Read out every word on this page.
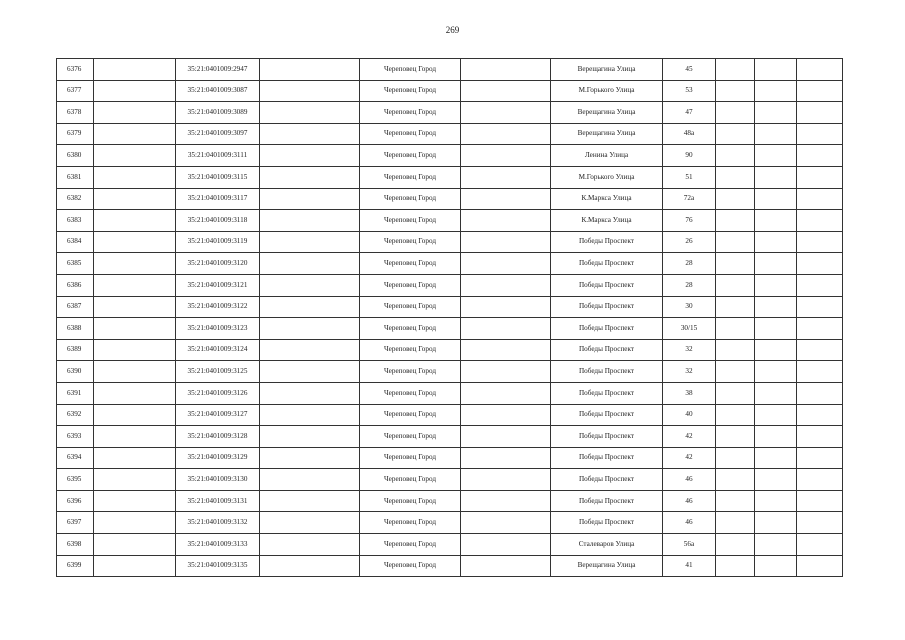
269
6376		35:21:0401009:2947		Череповец Город		Верещагина Улица	45			
6377		35:21:0401009:3087		Череповец Город		М.Горького Улица	53			
6378		35:21:0401009:3089		Череповец Город		Верещагина Улица	47			
6379		35:21:0401009:3097		Череповец Город		Верещагина Улица	48а			
6380		35:21:0401009:3111		Череповец Город		Ленина Улица	90			
6381		35:21:0401009:3115		Череповец Город		М.Горького Улица	51			
6382		35:21:0401009:3117		Череповец Город		К.Маркса Улица	72а			
6383		35:21:0401009:3118		Череповец Город		К.Маркса Улица	76			
6384		35:21:0401009:3119		Череповец Город		Победы Проспект	26			
6385		35:21:0401009:3120		Череповец Город		Победы Проспект	28			
6386		35:21:0401009:3121		Череповец Город		Победы Проспект	28			
6387		35:21:0401009:3122		Череповец Город		Победы Проспект	30			
6388		35:21:0401009:3123		Череповец Город		Победы Проспект	30/15			
6389		35:21:0401009:3124		Череповец Город		Победы Проспект	32			
6390		35:21:0401009:3125		Череповец Город		Победы Проспект	32			
6391		35:21:0401009:3126		Череповец Город		Победы Проспект	38			
6392		35:21:0401009:3127		Череповец Город		Победы Проспект	40			
6393		35:21:0401009:3128		Череповец Город		Победы Проспект	42			
6394		35:21:0401009:3129		Череповец Город		Победы Проспект	42			
6395		35:21:0401009:3130		Череповец Город		Победы Проспект	46			
6396		35:21:0401009:3131		Череповец Город		Победы Проспект	46			
6397		35:21:0401009:3132		Череповец Город		Победы Проспект	46			
6398		35:21:0401009:3133		Череповец Город		Сталеваров Улица	56а			
6399		35:21:0401009:3135		Череповец Город		Верещагина Улица	41			
